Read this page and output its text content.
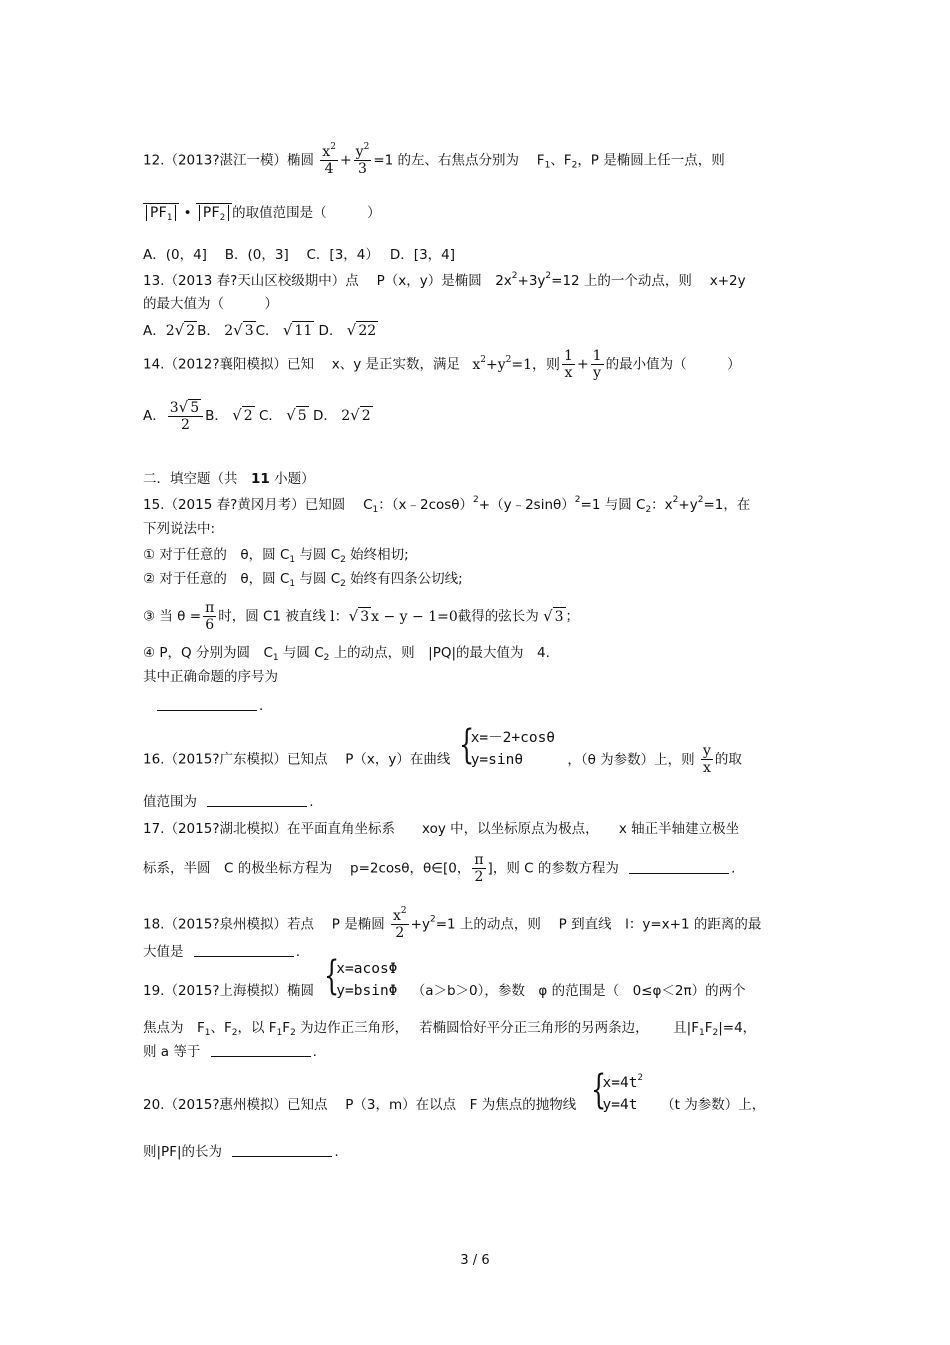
12.（2013?湛江一模）椭圆 $\frac{x^2}{4} + \frac{y^2}{3} =1$ 的左、右焦点分别为　 $F_1$、$F_2$，P 是椭圆上任一点，则
$PF_1$ • $PF_2$ 的取值范围是（　　　）
A．(0，4]　 B．(0，3]　 C．[3，4）　 D．[3，4]
13.（2013 春?天山区校级期中）点　 P（x，y）是椭圆　$2x^2+3y^2=12$ 上的一个动点，则　 x+2y
的最大值为（　　　）
A．2√ 2 B． 2√ 3 C． √ 11 D． √ 22
14.（2012?襄阳模拟）已知　 x、y 是正实数，满足 $x^2+y^2=1$，则 $\frac{1}{x} + \frac{1}{y}$ 的最小值为（　　　）
A． $\frac{3√ 5}{2}$ B． √ 2 C． √ 5 D． 2√ 2
二．填空题（共　11 小题）
15.（2015 春?黄冈月考）已知圆　 $C_1$：（x﹣2cosθ）$^2$+（y﹣2sinθ）$^2$=1 与圆 $C_2$：$x^2+y^2=1$，在
下列说法中:
① 对于任意的　θ，圆 $C_1$ 与圆 $C_2$ 始终相切;
② 对于任意的　θ，圆 $C_1$ 与圆 $C_2$ 始终有四条公切线;
③ 当 $\theta = \frac{\pi}{6}$ 时，圆 C1 被直线 l：√ 3 x − y − 1=0截得的弦长为 √ 3 ；
④ P，Q 分别为圆　$C_1$ 与圆 $C_2$ 上的动点，则　|PQ|的最大值为　4.
其中正确命题的序号为
.
16.（2015?广东模拟）已知点　 P（x，y）在曲线 {
x=－2+cosθ
y=sinθ	，（θ 为参数）上，则 $\frac{y}{x}$ 的取
值范围为	.
17.（2015?湖北模拟）在平面直角坐标系　　xoy 中，以坐标原点为极点，　　x 轴正半轴建立极坐
标系，半圆　C 的极坐标方程为　 p=2cosθ，θ∈[0， $\frac{\pi}{2}$ ]，则 C 的参数方程为	.
18.（2015?泉州模拟）若点　 P 是椭圆 $\frac{x^2}{2} +y^2=1$ 上的动点，则　 P 到直线　l：y=x+1 的距离的最
大值是	.
19.（2015?上海模拟）椭圆 {
x=acosΦ
y=bsinΦ （a＞b＞0），参数　φ 的范围是（　0≤φ＜2π）的两个
焦点为　$F_1$、$F_2$，以 $F_1F_2$ 为边作正三角形，　 若椭圆恰好平分正三角形的另两条边，　　 且$|F_1F_2|=4$，
则 a 等于	.
20.（2015?惠州模拟）已知点　 P（3，m）在以点　F 为焦点的抛物线 {
$x=4t^2$
y=4t	（t 为参数）上，
则|PF|的长为	.
3 / 6
